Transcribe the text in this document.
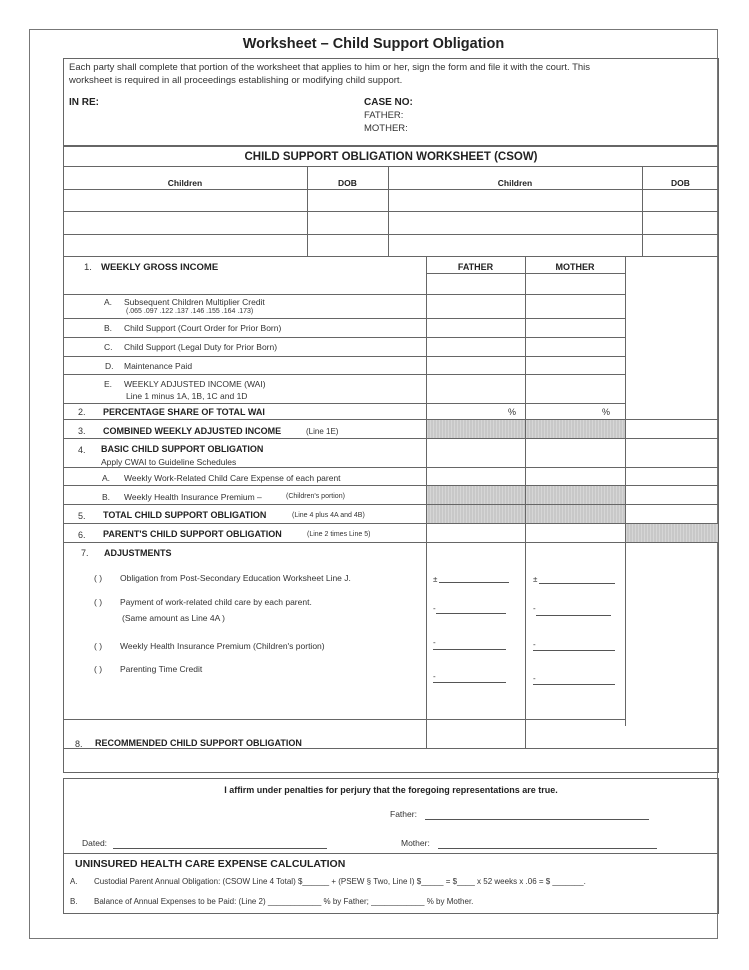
Worksheet – Child Support Obligation
Each party shall complete that portion of the worksheet that applies to him or her, sign the form and file it with the court. This
worksheet is required in all proceedings establishing or modifying child support.
IN RE:	CASE NO:
FATHER:
MOTHER:
CHILD SUPPORT OBLIGATION WORKSHEET (CSOW)
Children	DOB	Children	DOB
FATHER	MOTHER
1. WEEKLY GROSS INCOME
A. Subsequent Children Multiplier Credit
(.065 .097 .122 .137 .146 .155 .164 .173)
B. Child Support (Court Order for Prior Born)
C. Child Support (Legal Duty for Prior Born)
D. Maintenance Paid
E. WEEKLY ADJUSTED INCOME (WAI)
Line 1 minus 1A, 1B, 1C and 1D
2. PERCENTAGE SHARE OF TOTAL WAI	%	%
3. COMBINED WEEKLY ADJUSTED INCOME	(Line 1E)
4. BASIC CHILD SUPPORT OBLIGATION
Apply CWAI to Guideline Schedules
A. Weekly Work-Related Child Care Expense of each parent
B. Weekly Health Insurance Premium –	(Children's portion)
5. TOTAL CHILD SUPPORT OBLIGATION	(Line 4 plus 4A and 4B)
6. PARENT'S CHILD SUPPORT OBLIGATION	(Line 2 times Line 5)
7. ADJUSTMENTS
( ) Obligation from Post-Secondary Education Worksheet Line J.	±	±
( ) Payment of work-related child care by each parent.
(Same amount as Line 4A )
-	-
( ) Weekly Health Insurance Premium (Children's portion)	-	-
( ) Parenting Time Credit
-	-
8. RECOMMENDED CHILD SUPPORT OBLIGATION
I affirm under penalties for perjury that the foregoing representations are true.
Father:
Dated:	Mother:
UNINSURED HEALTH CARE EXPENSE CALCULATION
A. Custodial Parent Annual Obligation: (CSOW Line 4 Total) $______ + (PSEW § Two, Line I) $_____ = $____ x 52 weeks x .06 = $ _______.
B. Balance of Annual Expenses to be Paid: (Line 2) ____________ % by Father; ____________ % by Mother.
